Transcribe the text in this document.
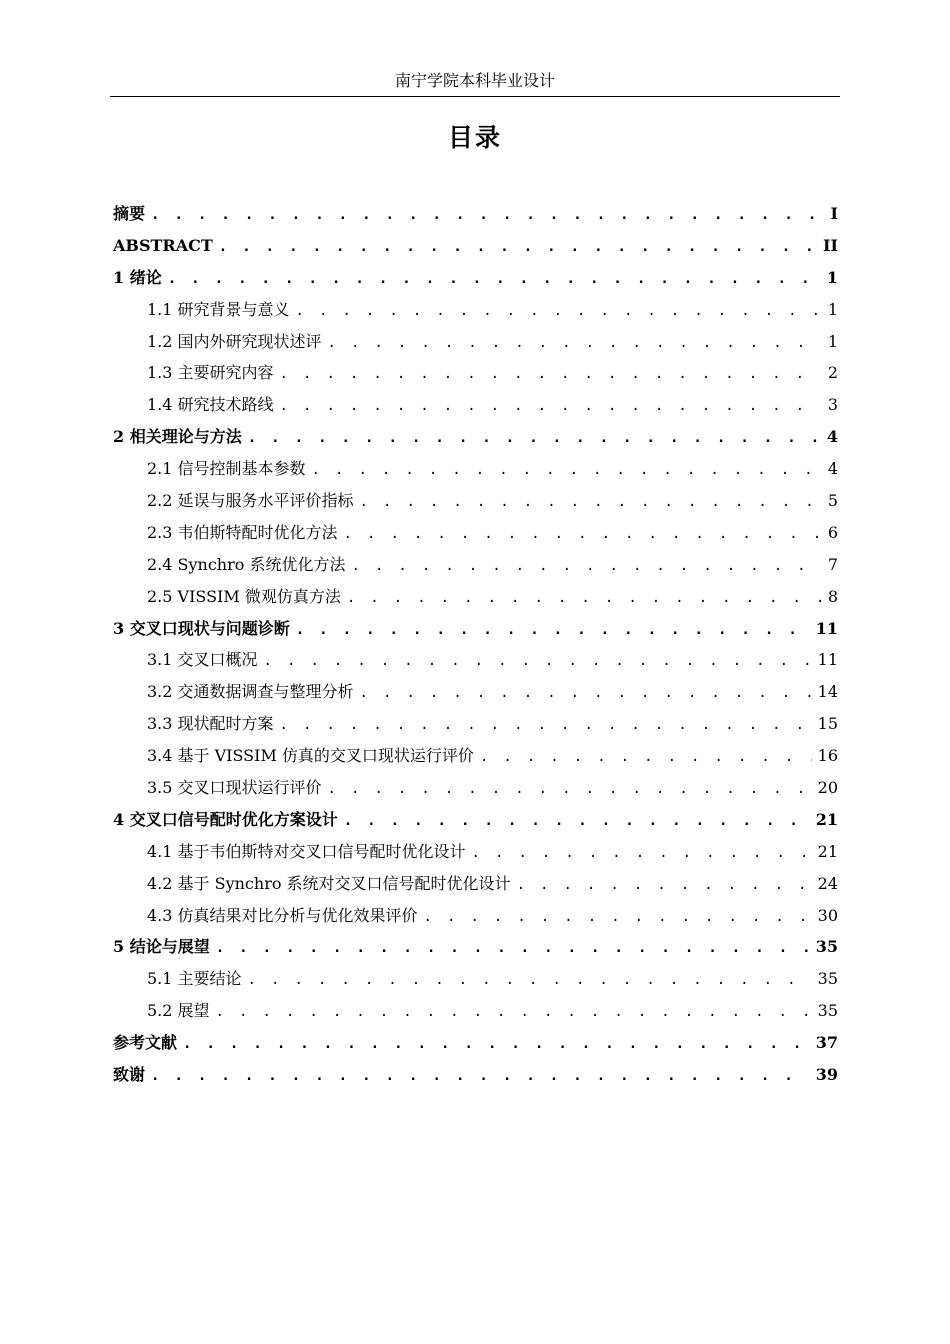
南宁学院本科毕业设计
目录
摘要 . . .	I
ABSTRACT . . .	II
1 绪论 . . .	1
1.1 研究背景与意义 . . .	1
1.2 国内外研究现状述评 . . .	1
1.3 主要研究内容 . . .	2
1.4 研究技术路线 . . .	3
2 相关理论与方法 . . .	4
2.1 信号控制基本参数 . . .	4
2.2 延误与服务水平评价指标 . . .	5
2.3 韦伯斯特配时优化方法 . . .	6
2.4 Synchro 系统优化方法 . . .	7
2.5 VISSIM 微观仿真方法 . . .	8
3 交叉口现状与问题诊断 . . .	11
3.1 交叉口概况 . . .	11
3.2 交通数据调查与整理分析 . . .	14
3.3 现状配时方案 . . .	15
3.4 基于 VISSIM 仿真的交叉口现状运行评价 . . .	16
3.5 交叉口现状运行评价 . . .	20
4 交叉口信号配时优化方案设计 . . .	21
4.1 基于韦伯斯特对交叉口信号配时优化设计 . . .	21
4.2 基于 Synchro 系统对交叉口信号配时优化设计 . . .	24
4.3 仿真结果对比分析与优化效果评价 . . .	30
5 结论与展望 . . .	35
5.1 主要结论 . . .	35
5.2 展望 . . .	35
参考文献 . . .	37
致谢 . . .	39
